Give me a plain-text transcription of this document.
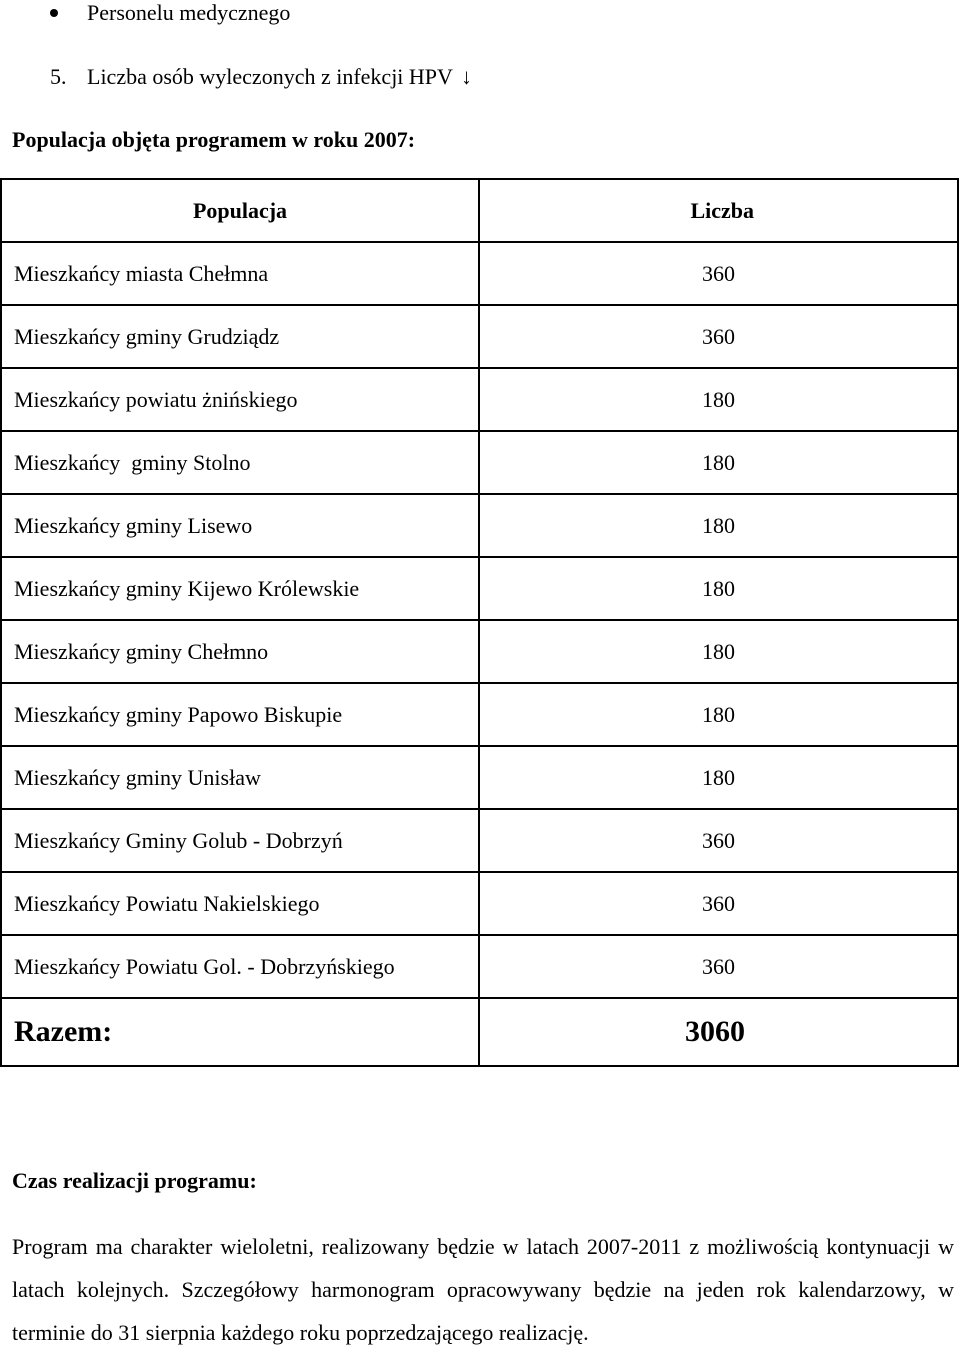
Personelu medycznego
5. Liczba osób wyleczonych z infekcji HPV ↓
Populacja objęta programem w roku 2007:
Populacja	Liczba
Mieszkańcy miasta Chełmna	360
Mieszkańcy gminy Grudziądz	360
Mieszkańcy powiatu żnińskiego	180
Mieszkańcy  gminy Stolno	180
Mieszkańcy gminy Lisewo	180
Mieszkańcy gminy Kijewo Królewskie	180
Mieszkańcy gminy Chełmno	180
Mieszkańcy gminy Papowo Biskupie	180
Mieszkańcy gminy Unisław	180
Mieszkańcy Gminy Golub - Dobrzyń	360
Mieszkańcy Powiatu Nakielskiego	360
Mieszkańcy Powiatu Gol. - Dobrzyńskiego	360
Razem:	3060
Czas realizacji programu:
Program ma charakter wieloletni, realizowany będzie w latach 2007-2011 z możliwością kontynuacji w latach kolejnych. Szczegółowy harmonogram opracowywany będzie na jeden rok kalendarzowy, w terminie do 31 sierpnia każdego roku poprzedzającego realizację.
